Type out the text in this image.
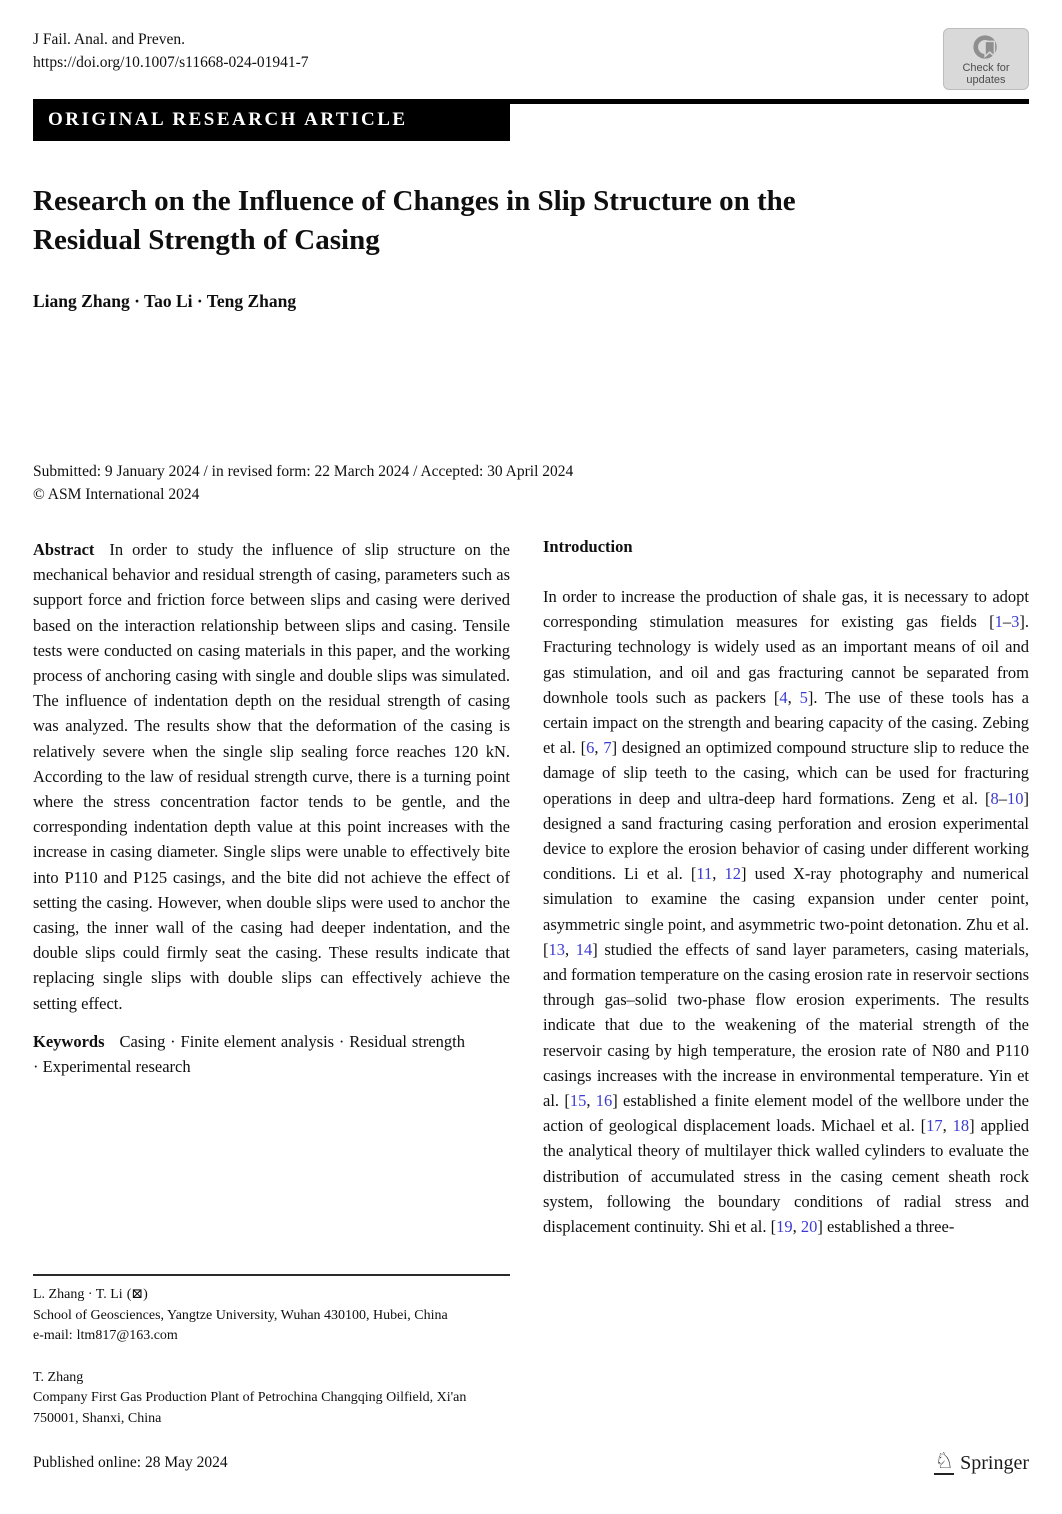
J Fail. Anal. and Preven.
https://doi.org/10.1007/s11668-024-01941-7	Check for
updates
ORIGINAL RESEARCH ARTICLE
Research on the Influence of Changes in Slip Structure on the Residual Strength of Casing
Liang Zhang · Tao Li · Teng Zhang
Submitted: 9 January 2024 / in revised form: 22 March 2024 / Accepted: 30 April 2024
© ASM International 2024

Abstract In order to study the influence of slip structure on the mechanical behavior and residual strength of casing, parameters such as support force and friction force between slips and casing were derived based on the interaction relationship between slips and casing. Tensile tests were conducted on casing materials in this paper, and the working process of anchoring casing with single and double slips was simulated. The influence of indentation depth on the residual strength of casing was analyzed. The results show that the deformation of the casing is relatively severe when the single slip sealing force reaches 120 kN. According to the law of residual strength curve, there is a turning point where the stress concentration factor tends to be gentle, and the corresponding indentation depth value at this point increases with the increase in casing diameter. Single slips were unable to effectively bite into P110 and P125 casings, and the bite did not achieve the effect of setting the casing. However, when double slips were used to anchor the casing, the inner wall of the casing had deeper indentation, and the double slips could firmly seat the casing. These results indicate that replacing single slips with double slips can effectively achieve the setting effect.

Keywords Casing · Finite element analysis · Residual strength · Experimental research

L. Zhang · T. Li (⊠)
School of Geosciences, Yangtze University, Wuhan 430100, Hubei, China
e-mail: ltm817@163.com
T. Zhang
Company First Gas Production Plant of Petrochina Changqing Oilfield, Xi'an 750001, Shanxi, China
Introduction

In order to increase the production of shale gas, it is necessary to adopt corresponding stimulation measures for existing gas fields [1–3]. Fracturing technology is widely used as an important means of oil and gas stimulation, and oil and gas fracturing cannot be separated from downhole tools such as packers [4, 5]. The use of these tools has a certain impact on the strength and bearing capacity of the casing. Zebing et al. [6, 7] designed an optimized compound structure slip to reduce the damage of slip teeth to the casing, which can be used for fracturing operations in deep and ultra-deep hard formations. Zeng et al. [8–10] designed a sand fracturing casing perforation and erosion experimental device to explore the erosion behavior of casing under different working conditions. Li et al. [11, 12] used X-ray photography and numerical simulation to examine the casing expansion under center point, asymmetric single point, and asymmetric two-point detonation. Zhu et al. [13, 14] studied the effects of sand layer parameters, casing materials, and formation temperature on the casing erosion rate in reservoir sections through gas–solid two-phase flow erosion experiments. The results indicate that due to the weakening of the material strength of the reservoir casing by high temperature, the erosion rate of N80 and P110 casings increases with the increase in environmental temperature. Yin et al. [15, 16] established a finite element model of the wellbore under the action of geological displacement loads. Michael et al. [17, 18] applied the analytical theory of multilayer thick walled cylinders to evaluate the distribution of accumulated stress in the casing cement sheath rock system, following the boundary conditions of radial stress and displacement continuity. Shi et al. [19, 20] established a three-

Published online: 28 May 2024	♘ Springer
